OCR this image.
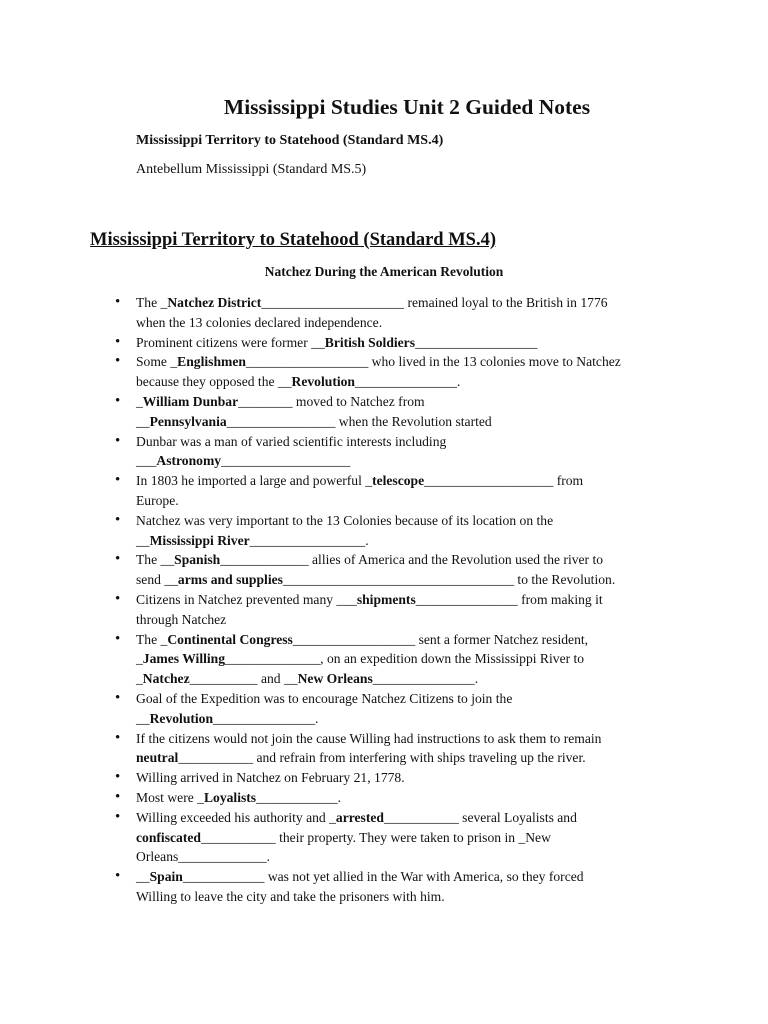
Mississippi Studies Unit 2 Guided Notes
Mississippi Territory to Statehood (Standard MS.4)
Antebellum Mississippi (Standard MS.5)
Mississippi Territory to Statehood (Standard MS.4)
Natchez During the American Revolution
• The _Natchez District_____________________ remained loyal to the British in 1776
when the 13 colonies declared independence.
• Prominent citizens were former __British Soldiers__________________
• Some _Englishmen__________________ who lived in the 13 colonies move to Natchez
because they opposed the __Revolution_______________.
• _William Dunbar________ moved to Natchez from
__Pennsylvania________________ when the Revolution started
• Dunbar was a man of varied scientific interests including
___Astronomy___________________
• In 1803 he imported a large and powerful _telescope___________________ from
Europe.
• Natchez was very important to the 13 Colonies because of its location on the
__Mississippi River_________________.
• The __Spanish_____________ allies of America and the Revolution used the river to
send __arms and supplies__________________________________ to the Revolution.
• Citizens in Natchez prevented many ___shipments_______________ from making it
through Natchez
• The _Continental Congress__________________ sent a former Natchez resident,
_James Willing______________, on an expedition down the Mississippi River to
_Natchez__________ and __New Orleans_______________.
• Goal of the Expedition was to encourage Natchez Citizens to join the
__Revolution_______________.
• If the citizens would not join the cause Willing had instructions to ask them to remain
neutral___________ and refrain from interfering with ships traveling up the river.
• Willing arrived in Natchez on February 21, 1778.
• Most were _Loyalists____________.
• Willing exceeded his authority and _arrested___________ several Loyalists and
confiscated___________ their property. They were taken to prison in _New
Orleans_____________.
• __Spain____________ was not yet allied in the War with America, so they forced
Willing to leave the city and take the prisoners with him.
